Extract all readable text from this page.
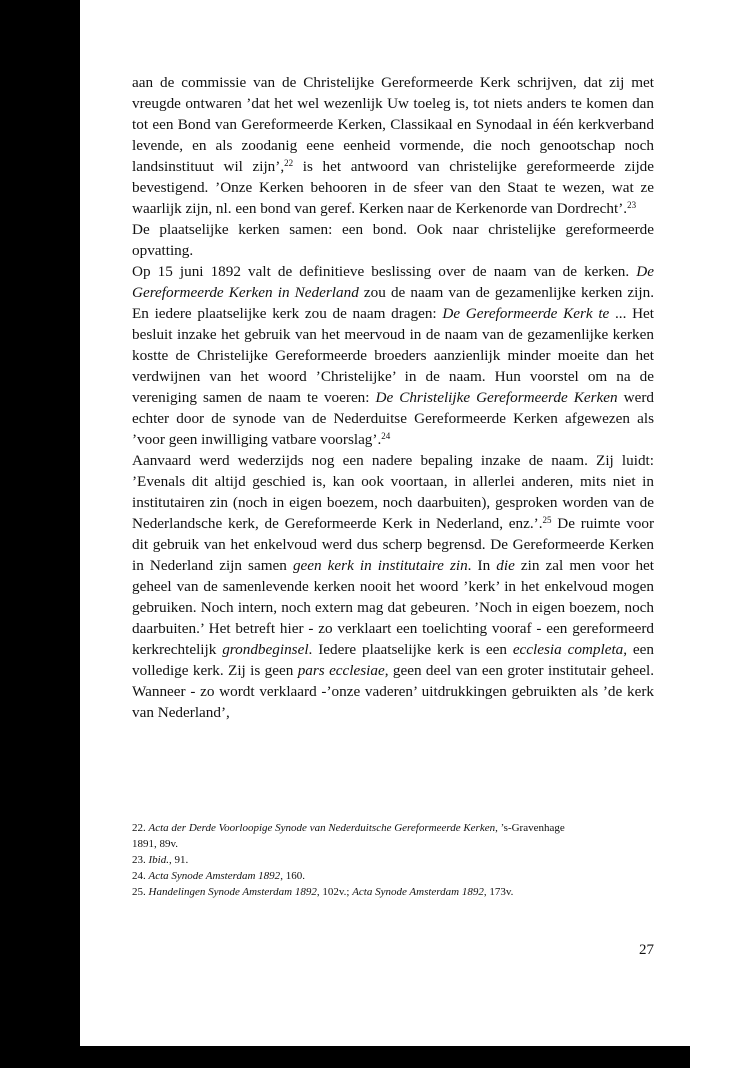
aan de commissie van de Christelijke Gereformeerde Kerk schrijven, dat zij met vreugde ontwaren ’dat het wel wezenlijk Uw toeleg is, tot niets anders te komen dan tot een Bond van Gereformeerde Kerken, Classikaal en Synodaal in één kerkverband levende, en als zoodanig eene eenheid vormende, die noch genootschap noch landsinstituut wil zijn’,$^{22}$ is het antwoord van christelijke gereformeerde zijde bevestigend. ’Onze Kerken behooren in de sfeer van den Staat te wezen, wat ze waarlijk zijn, nl. een bond van geref. Kerken naar de Kerkenorde van Dordrecht’.$^{23}$

De plaatselijke kerken samen: een bond. Ook naar christelijke gereformeerde opvatting.

Op 15 juni 1892 valt de definitieve beslissing over de naam van de kerken. De Gereformeerde Kerken in Nederland zou de naam van de gezamenlijke kerken zijn. En iedere plaatselijke kerk zou de naam dragen: De Gereformeerde Kerk te ... Het besluit inzake het gebruik van het meervoud in de naam van de gezamenlijke kerken kostte de Christelijke Gereformeerde broeders aanzienlijk minder moeite dan het verdwijnen van het woord ’Christelijke’ in de naam. Hun voorstel om na de vereniging samen de naam te voeren: De Christelijke Gereformeerde Kerken werd echter door de synode van de Nederduitse Gereformeerde Kerken afgewezen als ’voor geen inwilliging vatbare voorslag’.$^{24}$

Aanvaard werd wederzijds nog een nadere bepaling inzake de naam. Zij luidt: ’Evenals dit altijd geschied is, kan ook voortaan, in allerlei anderen, mits niet in institutairen zin (noch in eigen boezem, noch daarbuiten), gesproken worden van de Nederlandsche kerk, de Gereformeerde Kerk in Nederland, enz.’.$^{25}$ De ruimte voor dit gebruik van het enkelvoud werd dus scherp begrensd. De Gereformeerde Kerken in Nederland zijn samen geen kerk in institutaire zin. In die zin zal men voor het geheel van de samenlevende kerken nooit het woord ’kerk’ in het enkelvoud mogen gebruiken. Noch intern, noch extern mag dat gebeuren. ’Noch in eigen boezem, noch daarbuiten.’ Het betreft hier - zo verklaart een toelichting vooraf - een gereformeerd kerkrechtelijk grondbeginsel. Iedere plaatselijke kerk is een ecclesia completa, een volledige kerk. Zij is geen pars ecclesiae, geen deel van een groter institutair geheel. Wanneer - zo wordt verklaard -’onze vaderen’ uitdrukkingen gebruikten als ’de kerk van Nederland’,

22. Acta der Derde Voorloopige Synode van Nederduitsche Gereformeerde Kerken, ’s-Gravenhage
1891, 89v.
23. Ibid., 91.
24. Acta Synode Amsterdam 1892, 160.
25. Handelingen Synode Amsterdam 1892, 102v.; Acta Synode Amsterdam 1892, 173v.
27
